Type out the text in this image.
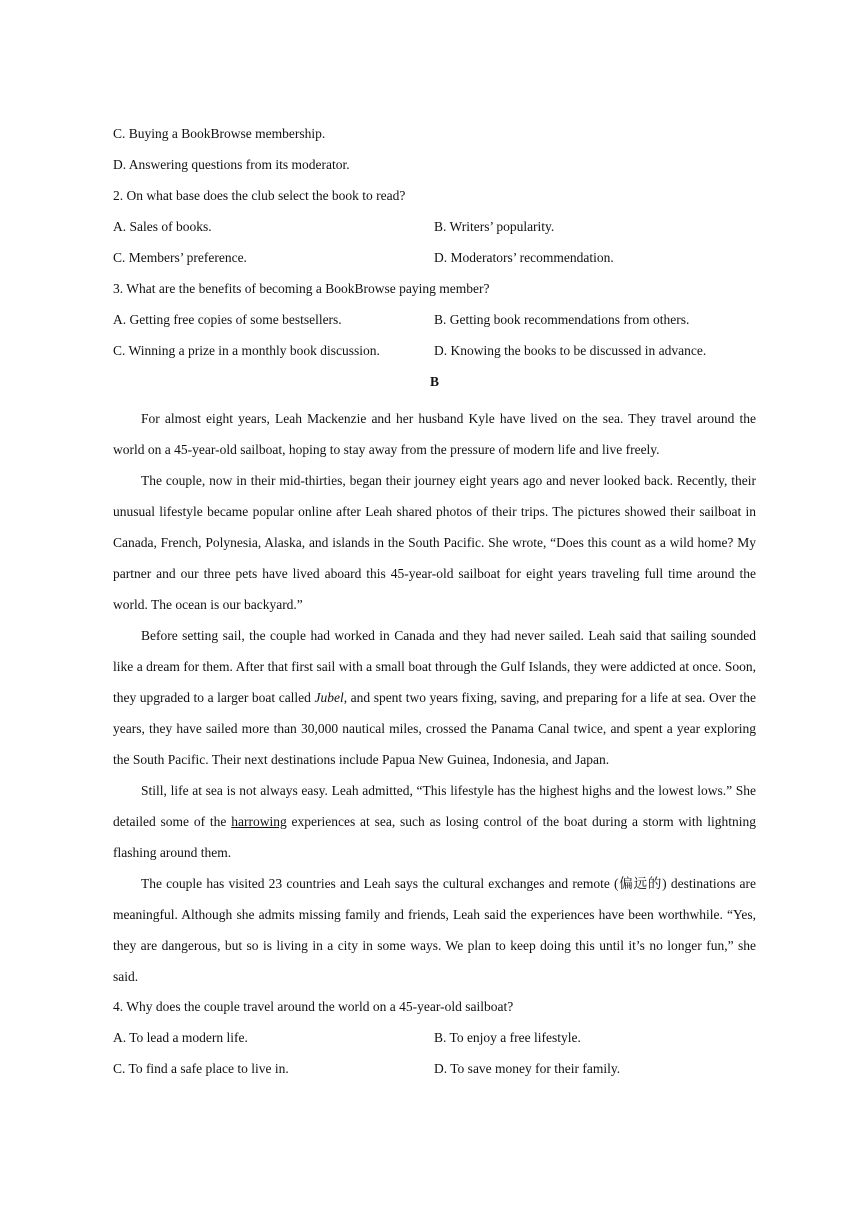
C. Buying a BookBrowse membership.
D. Answering questions from its moderator.
2. On what base does the club select the book to read?
A. Sales of books.	B. Writers’ popularity.
C. Members’ preference.	D. Moderators’ recommendation.
3. What are the benefits of becoming a BookBrowse paying member?
A. Getting free copies of some bestsellers.	B. Getting book recommendations from others.
C. Winning a prize in a monthly book discussion.	D. Knowing the books to be discussed in advance.
B

For almost eight years, Leah Mackenzie and her husband Kyle have lived on the sea. They travel around the world on a 45-year-old sailboat, hoping to stay away from the pressure of modern life and live freely.

The couple, now in their mid-thirties, began their journey eight years ago and never looked back. Recently, their unusual lifestyle became popular online after Leah shared photos of their trips. The pictures showed their sailboat in Canada, French, Polynesia, Alaska, and islands in the South Pacific. She wrote, “Does this count as a wild home? My partner and our three pets have lived aboard this 45-year-old sailboat for eight years traveling full time around the world. The ocean is our backyard.”

Before setting sail, the couple had worked in Canada and they had never sailed. Leah said that sailing sounded like a dream for them. After that first sail with a small boat through the Gulf Islands, they were addicted at once. Soon, they upgraded to a larger boat called Jubel, and spent two years fixing, saving, and preparing for a life at sea. Over the years, they have sailed more than 30,000 nautical miles, crossed the Panama Canal twice, and spent a year exploring the South Pacific. Their next destinations include Papua New Guinea, Indonesia, and Japan.

Still, life at sea is not always easy. Leah admitted, “This lifestyle has the highest highs and the lowest lows.” She detailed some of the harrowing experiences at sea, such as losing control of the boat during a storm with lightning flashing around them.

The couple has visited 23 countries and Leah says the cultural exchanges and remote (偏远的) destinations are meaningful. Although she admits missing family and friends, Leah said the experiences have been worthwhile. “Yes, they are dangerous, but so is living in a city in some ways. We plan to keep doing this until it’s no longer fun,” she said.

4. Why does the couple travel around the world on a 45-year-old sailboat?
A. To lead a modern life.	B. To enjoy a free lifestyle.
C. To find a safe place to live in.	D. To save money for their family.
